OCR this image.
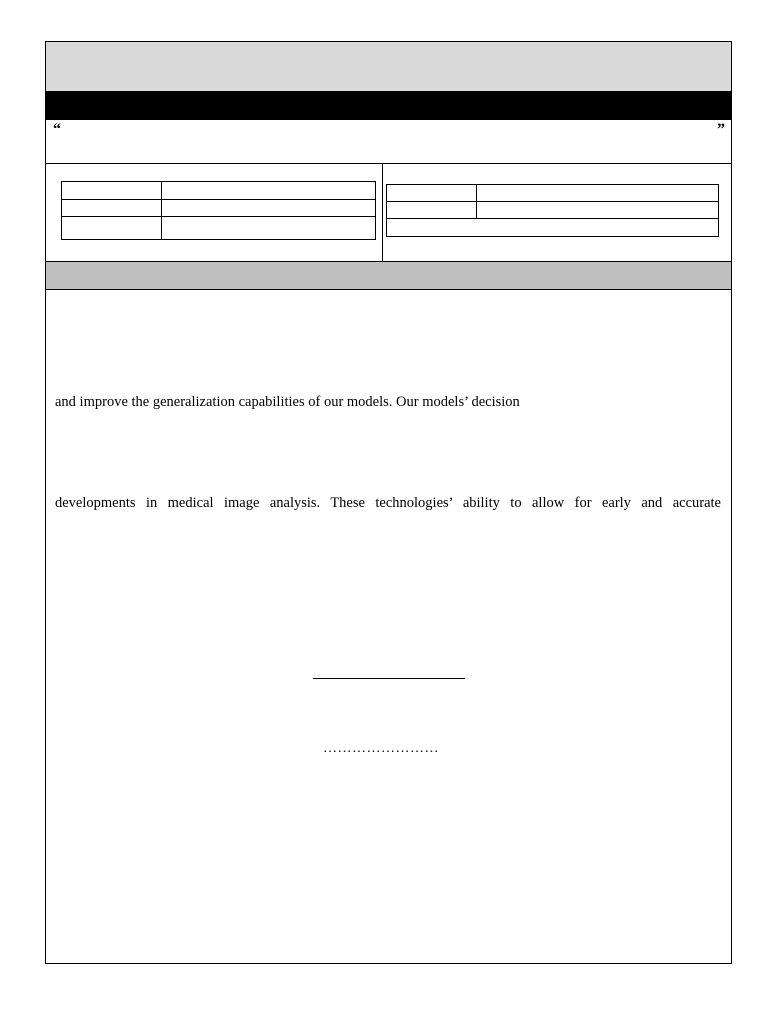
“	”

and improve the generalization capabilities of our models. Our models’ decision
developments in medical image analysis. These technologies’ ability to allow for early and accurate
……………………
